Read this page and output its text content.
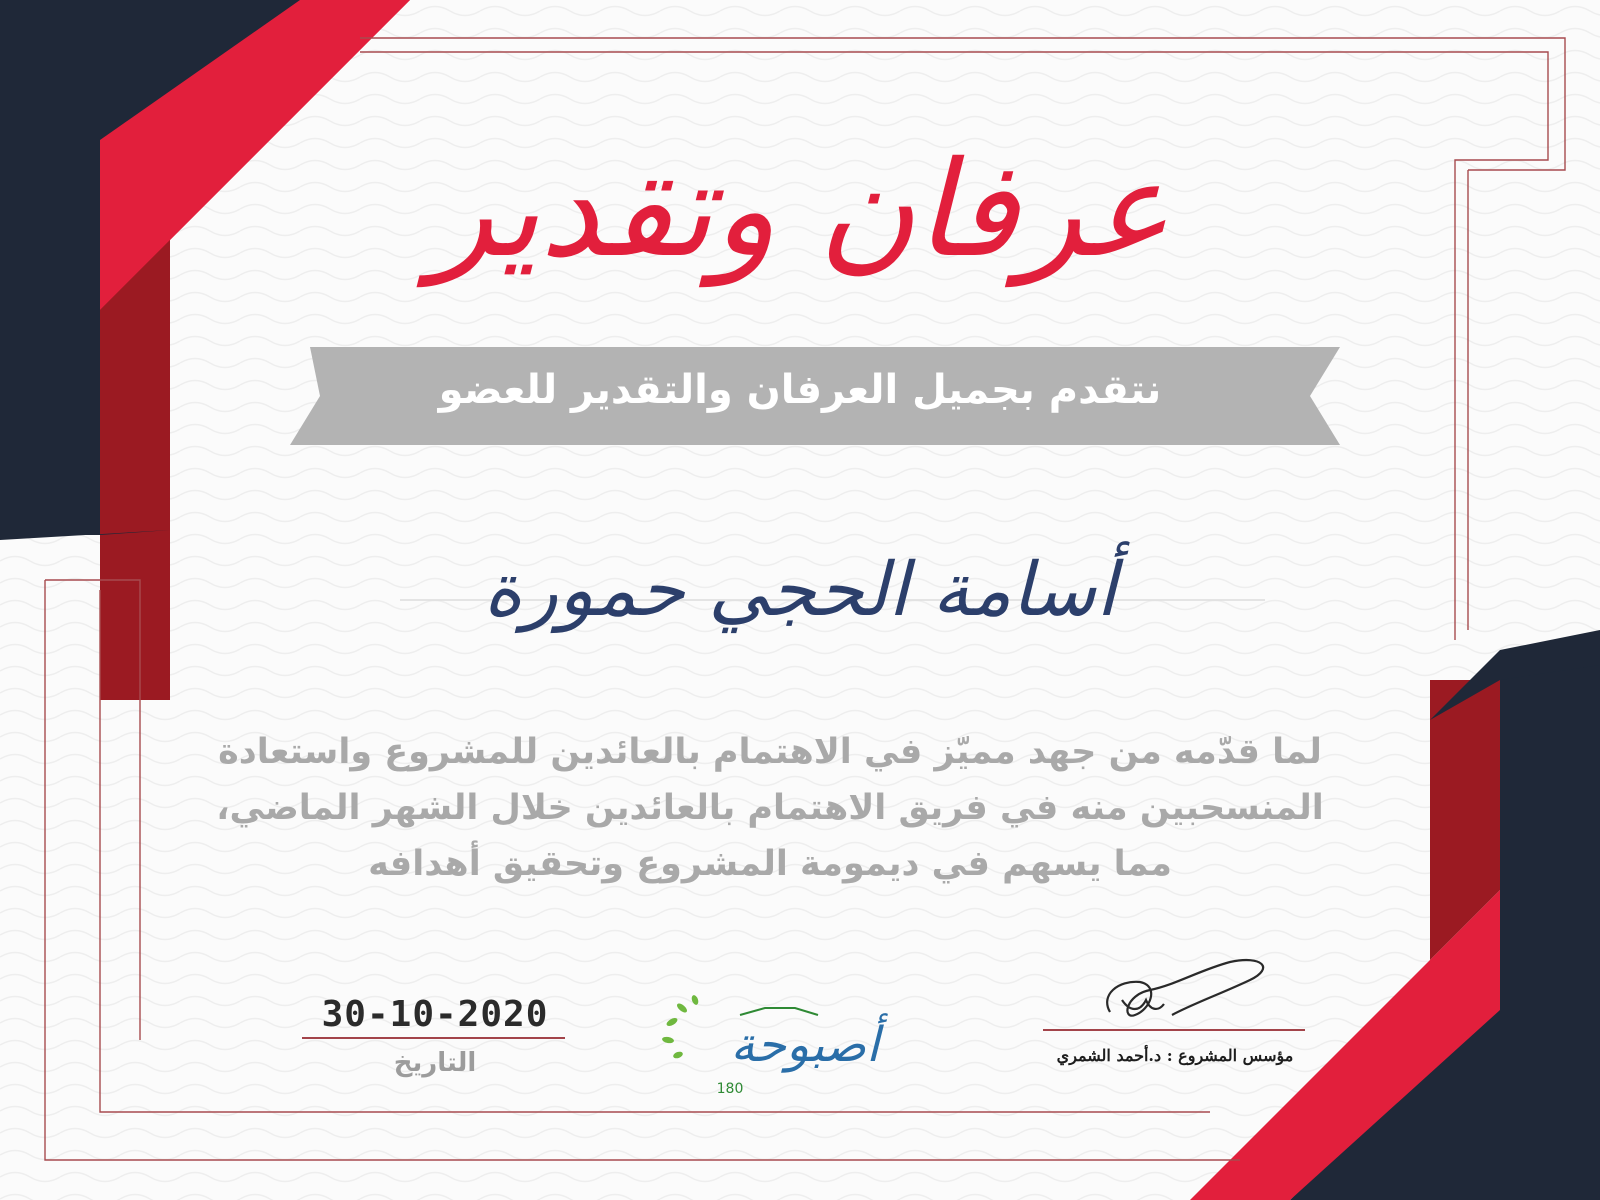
عرفان وتقدير
نتقدم بجميل العرفان والتقدير للعضو
أسامة الحجي حمورة
لما قدّمه من جهد مميّز في الاهتمام بالعائدين للمشروع واستعادة
المنسحبين منه في فريق الاهتمام بالعائدين خلال الشهر الماضي،
مما يسهم في ديمومة المشروع وتحقيق أهدافه
30-10-2020
التاريخ	أصبوحة
180
مؤسس المشروع : د.أحمد الشمري
